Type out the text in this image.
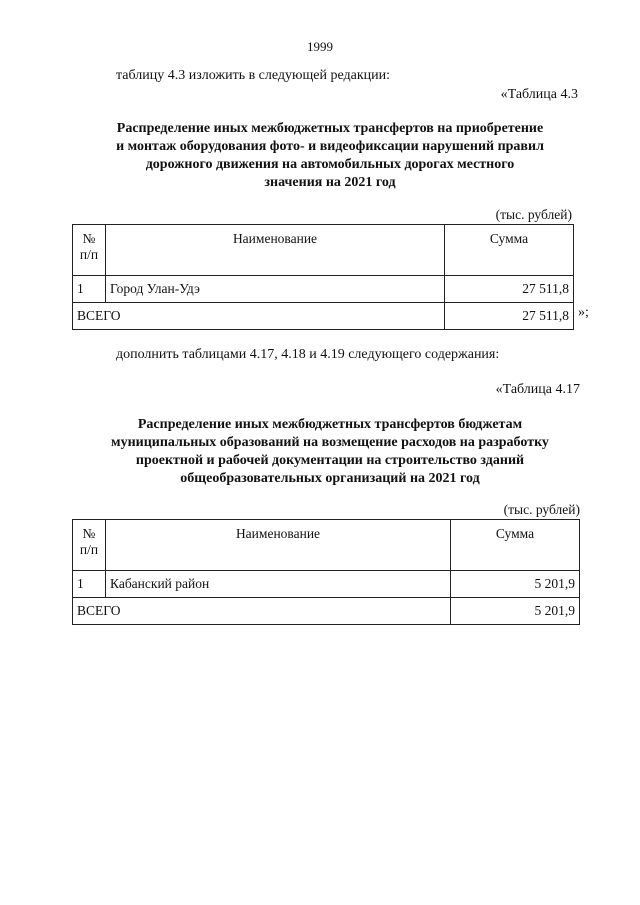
1999
таблицу 4.3 изложить в следующей редакции:
«Таблица 4.3
Распределение иных межбюджетных трансфертов на приобретение
и монтаж оборудования фото- и видеофиксации нарушений правил
дорожного движения на автомобильных дорогах местного
значения на 2021 год
(тыс. рублей)
№ п/п	Наименование	Сумма
1	Город Улан-Удэ	27 511,8
ВСЕГО		27 511,8 »;
дополнить таблицами 4.17, 4.18 и 4.19 следующего содержания:
«Таблица 4.17
Распределение иных межбюджетных трансфертов бюджетам
муниципальных образований на возмещение расходов на разработку
проектной и рабочей документации на строительство зданий
общеобразовательных организаций на 2021 год
(тыс. рублей)
№ п/п	Наименование	Сумма
1	Кабанский район	5 201,9
ВСЕГО		5 201,9
